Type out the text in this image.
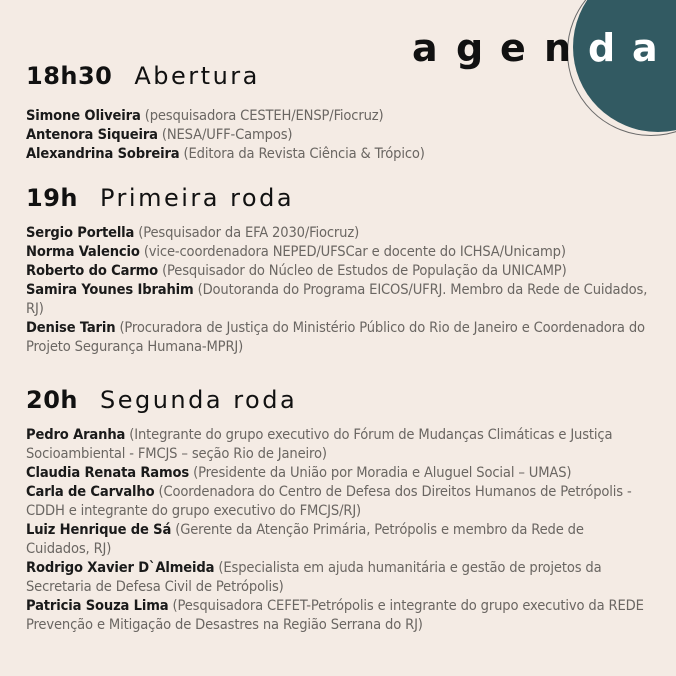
a g e n d a
18h30 Abertura
Simone Oliveira (pesquisadora CESTEH/ENSP/Fiocruz)
Antenora Siqueira (NESA/UFF-Campos)
Alexandrina Sobreira (Editora da Revista Ciência & Trópico)
19h Primeira roda
Sergio Portella (Pesquisador da EFA 2030/Fiocruz)
Norma Valencio (vice-coordenadora NEPED/UFSCar e docente do ICHSA/Unicamp)
Roberto do Carmo (Pesquisador do Núcleo de Estudos de População da UNICAMP)
Samira Younes Ibrahim (Doutoranda do Programa EICOS/UFRJ. Membro da Rede de Cuidados, RJ)
Denise Tarin (Procuradora de Justiça do Ministério Público do Rio de Janeiro e Coordenadora do Projeto Segurança Humana-MPRJ)
20h Segunda roda
Pedro Aranha (Integrante do grupo executivo do Fórum de Mudanças Climáticas e Justiça Socioambiental - FMCJS – seção Rio de Janeiro)
Claudia Renata Ramos (Presidente da União por Moradia e Aluguel Social – UMAS)
Carla de Carvalho (Coordenadora do Centro de Defesa dos Direitos Humanos de Petrópolis - CDDH e integrante do grupo executivo do FMCJS/RJ)
Luiz Henrique de Sá (Gerente da Atenção Primária, Petrópolis e membro da Rede de Cuidados, RJ)
Rodrigo Xavier D`Almeida (Especialista em ajuda humanitária e gestão de projetos da Secretaria de Defesa Civil de Petrópolis)
Patricia Souza Lima (Pesquisadora CEFET-Petrópolis e integrante do grupo executivo da REDE Prevenção e Mitigação de Desastres na Região Serrana do RJ)
